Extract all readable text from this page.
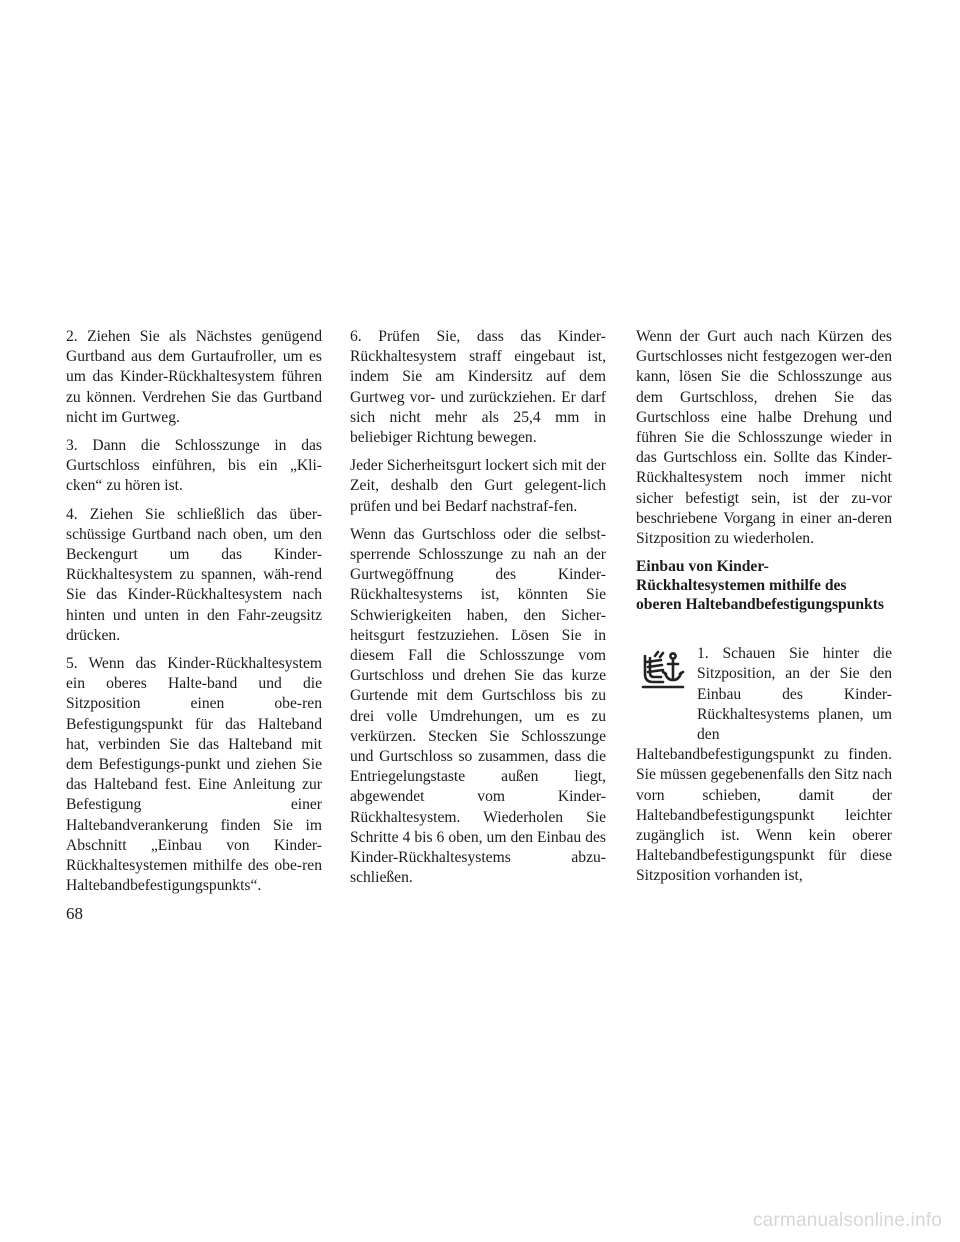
2. Ziehen Sie als Nächstes genügend Gurtband aus dem Gurtaufroller, um es um das Kinder-Rückhaltesystem führen zu können. Verdrehen Sie das Gurtband nicht im Gurtweg.

3. Dann die Schlosszunge in das Gurtschloss einführen, bis ein „Kli-cken“ zu hören ist.

4. Ziehen Sie schließlich das über-schüssige Gurtband nach oben, um den Beckengurt um das Kinder-Rückhaltesystem zu spannen, wäh-rend Sie das Kinder-Rückhaltesystem nach hinten und unten in den Fahr-zeugsitz drücken.

5. Wenn das Kinder-Rückhaltesystem ein oberes Halte-band und die Sitzposition einen obe-ren Befestigungspunkt für das Halteband hat, verbinden Sie das Halteband mit dem Befestigungs-punkt und ziehen Sie das Halteband fest. Eine Anleitung zur Befestigung einer Haltebandverankerung finden Sie im Abschnitt „Einbau von Kinder-Rückhaltesystemen mithilfe des obe-ren Haltebandbefestigungspunkts“.

6. Prüfen Sie, dass das Kinder-Rückhaltesystem straff eingebaut ist, indem Sie am Kindersitz auf dem Gurtweg vor- und zurückziehen. Er darf sich nicht mehr als 25,4 mm in beliebiger Richtung bewegen.

Jeder Sicherheitsgurt lockert sich mit der Zeit, deshalb den Gurt gelegent-lich prüfen und bei Bedarf nachstraf-fen.

Wenn das Gurtschloss oder die selbst-sperrende Schlosszunge zu nah an der Gurtwegöffnung des Kinder-Rückhaltesystems ist, könnten Sie Schwierigkeiten haben, den Sicher-heitsgurt festzuziehen. Lösen Sie in diesem Fall die Schlosszunge vom Gurtschloss und drehen Sie das kurze Gurtende mit dem Gurtschloss bis zu drei volle Umdrehungen, um es zu verkürzen. Stecken Sie Schlosszunge und Gurtschloss so zusammen, dass die Entriegelungstaste außen liegt, abgewendet vom Kinder-Rückhaltesystem. Wiederholen Sie Schritte 4 bis 6 oben, um den Einbau des Kinder-Rückhaltesystems abzu-schließen.

Wenn der Gurt auch nach Kürzen des Gurtschlosses nicht festgezogen wer-den kann, lösen Sie die Schlosszunge aus dem Gurtschloss, drehen Sie das Gurtschloss eine halbe Drehung und führen Sie die Schlosszunge wieder in das Gurtschloss ein. Sollte das Kinder-Rückhaltesystem noch immer nicht sicher befestigt sein, ist der zu-vor beschriebene Vorgang in einer an-deren Sitzposition zu wiederholen.

Einbau von Kinder-Rückhaltesystemen mithilfe des oberen Haltebandbefestigungspunkts

1. Schauen Sie hinter die Sitzposition, an der Sie den Einbau des Kinder-Rückhaltesystems planen, um den Haltebandbefestigungspunkt zu finden. Sie müssen gegebenenfalls den Sitz nach vorn schieben, damit der Haltebandbefestigungspunkt leichter zugänglich ist. Wenn kein oberer Haltebandbefestigungspunkt für diese Sitzposition vorhanden ist,

68
carmanualsonline.info
